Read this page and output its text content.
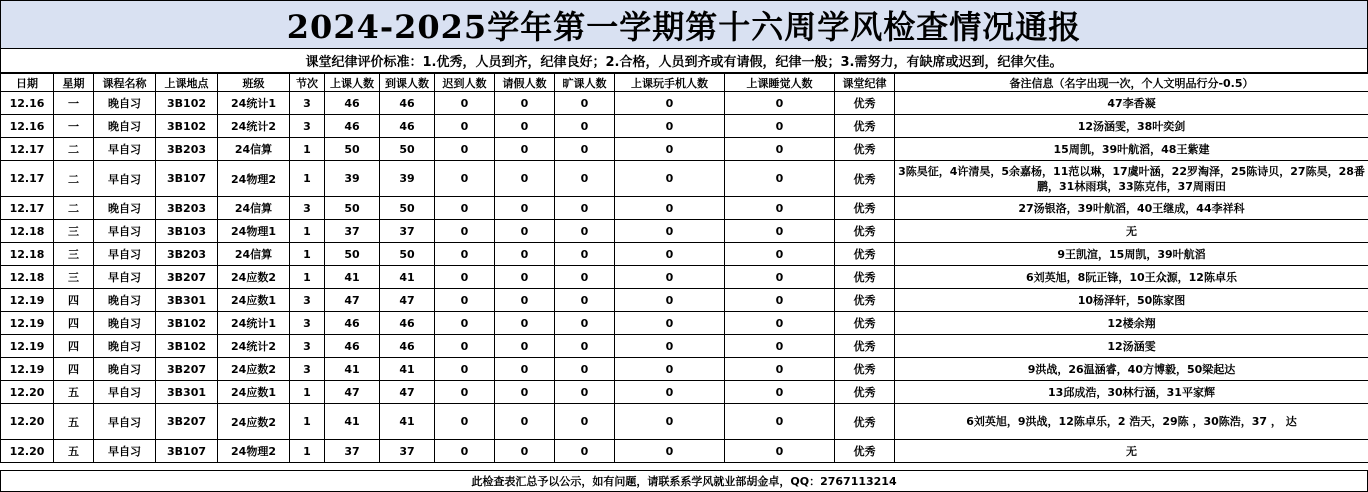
2024-2025学年第一学期第十六周学风检查情况通报
课堂纪律评价标准：1.优秀，人员到齐，纪律良好；2.合格，人员到齐或有请假，纪律一般；3.需努力，有缺席或迟到，纪律欠佳。
日期	星期	课程名称	上课地点	班级	节次	上课人数	到课人数	迟到人数	请假人数	旷课人数	上课玩手机人数	上课睡觉人数	课堂纪律	备注信息（名字出现一次，个人文明品行分-0.5）
12.16	一	晚自习	3B102	24统计1	3	46	46	0	0	0	0	0	优秀	47李香凝
12.16	一	晚自习	3B102	24统计2	3	46	46	0	0	0	0	0	优秀	12汤涵雯，38叶奕剑
12.17	二	早自习	3B203	24信算	1	50	50	0	0	0	0	0	优秀	15周凯，39叶航滔，48王紫建
12.17	二	早自习	3B107	24物理2	1	39	39	0	0	0	0	0	优秀	3陈昊征，4许清昊，5余嘉杨，11范以琳，17虞叶涵，22罗淘泽，25陈诗贝，27陈昊，28番鹏，31林雨琪，33陈克伟，37周雨田
12.17	二	晚自习	3B203	24信算	3	50	50	0	0	0	0	0	优秀	27汤银洛，39叶航滔，40王继成，44李祥科
12.18	三	早自习	3B103	24物理1	1	37	37	0	0	0	0	0	优秀	无
12.18	三	早自习	3B203	24信算	1	50	50	0	0	0	0	0	优秀	9王凯渲，15周凯，39叶航滔
12.18	三	早自习	3B207	24应数2	1	41	41	0	0	0	0	0	优秀	6刘英旭，8阮正锋，10王众源，12陈卓乐
12.19	四	晚自习	3B301	24应数1	3	47	47	0	0	0	0	0	优秀	10杨泽轩，50陈家图
12.19	四	晚自习	3B102	24统计1	3	46	46	0	0	0	0	0	优秀	12楼余翔
12.19	四	晚自习	3B102	24统计2	3	46	46	0	0	0	0	0	优秀	12汤涵雯
12.19	四	晚自习	3B207	24应数2	3	41	41	0	0	0	0	0	优秀	9洪战，26温涵睿，40方博毅，50梁起达
12.20	五	早自习	3B301	24应数1	1	47	47	0	0	0	0	0	优秀	13邱成浩，30林行涵，31平家辉
12.20	五	早自习	3B207	24应数2	1	41	41	0	0	0	0	0	优秀	6刘英旭，9洪战，12陈卓乐，2 浩天，29陈 ，30陈浩，37 ， 达
12.20	五	早自习	3B107	24物理2	1	37	37	0	0	0	0	0	优秀	无
此检查表汇总予以公示，如有问题，请联系系学风就业部胡金卓，QQ：2767113214
